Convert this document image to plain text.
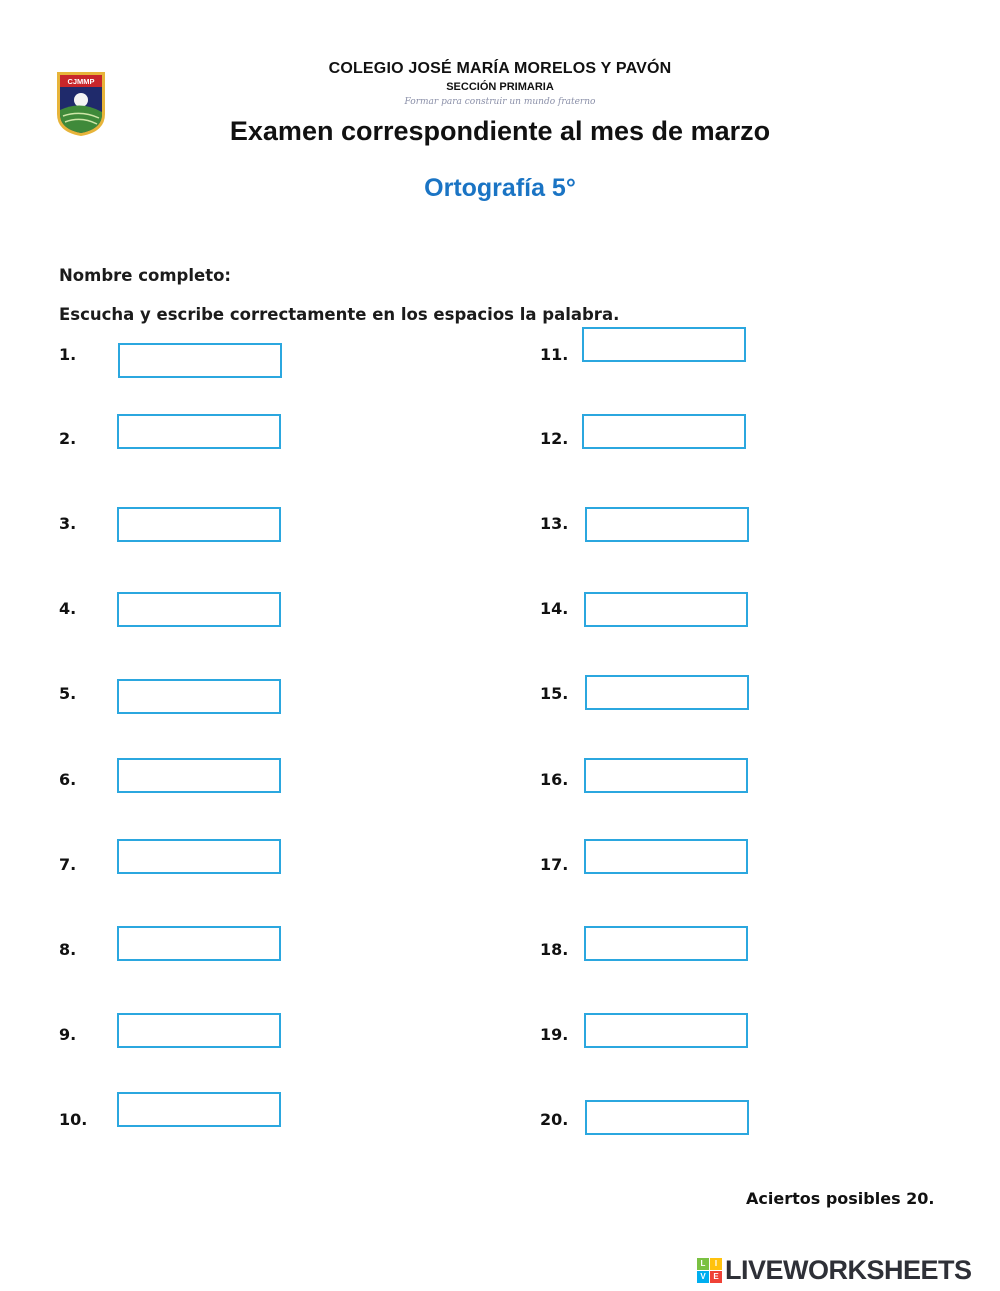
CJMMP
COLEGIO JOSÉ MARÍA MORELOS Y PAVÓN
SECCIÓN PRIMARIA
Formar para construir un mundo fraterno
Examen correspondiente al mes de marzo
Ortografía 5°
Nombre completo:
Escucha y escribe correctamente en los espacios la palabra.
1.
2.
3.
4.
5.
6.
7.
8.
9.
10.
11.
12.
13.
14.
15.
16.
17.
18.
19.
20.
Aciertos posibles 20.
L	I
V E LIVEWORKSHEETS
